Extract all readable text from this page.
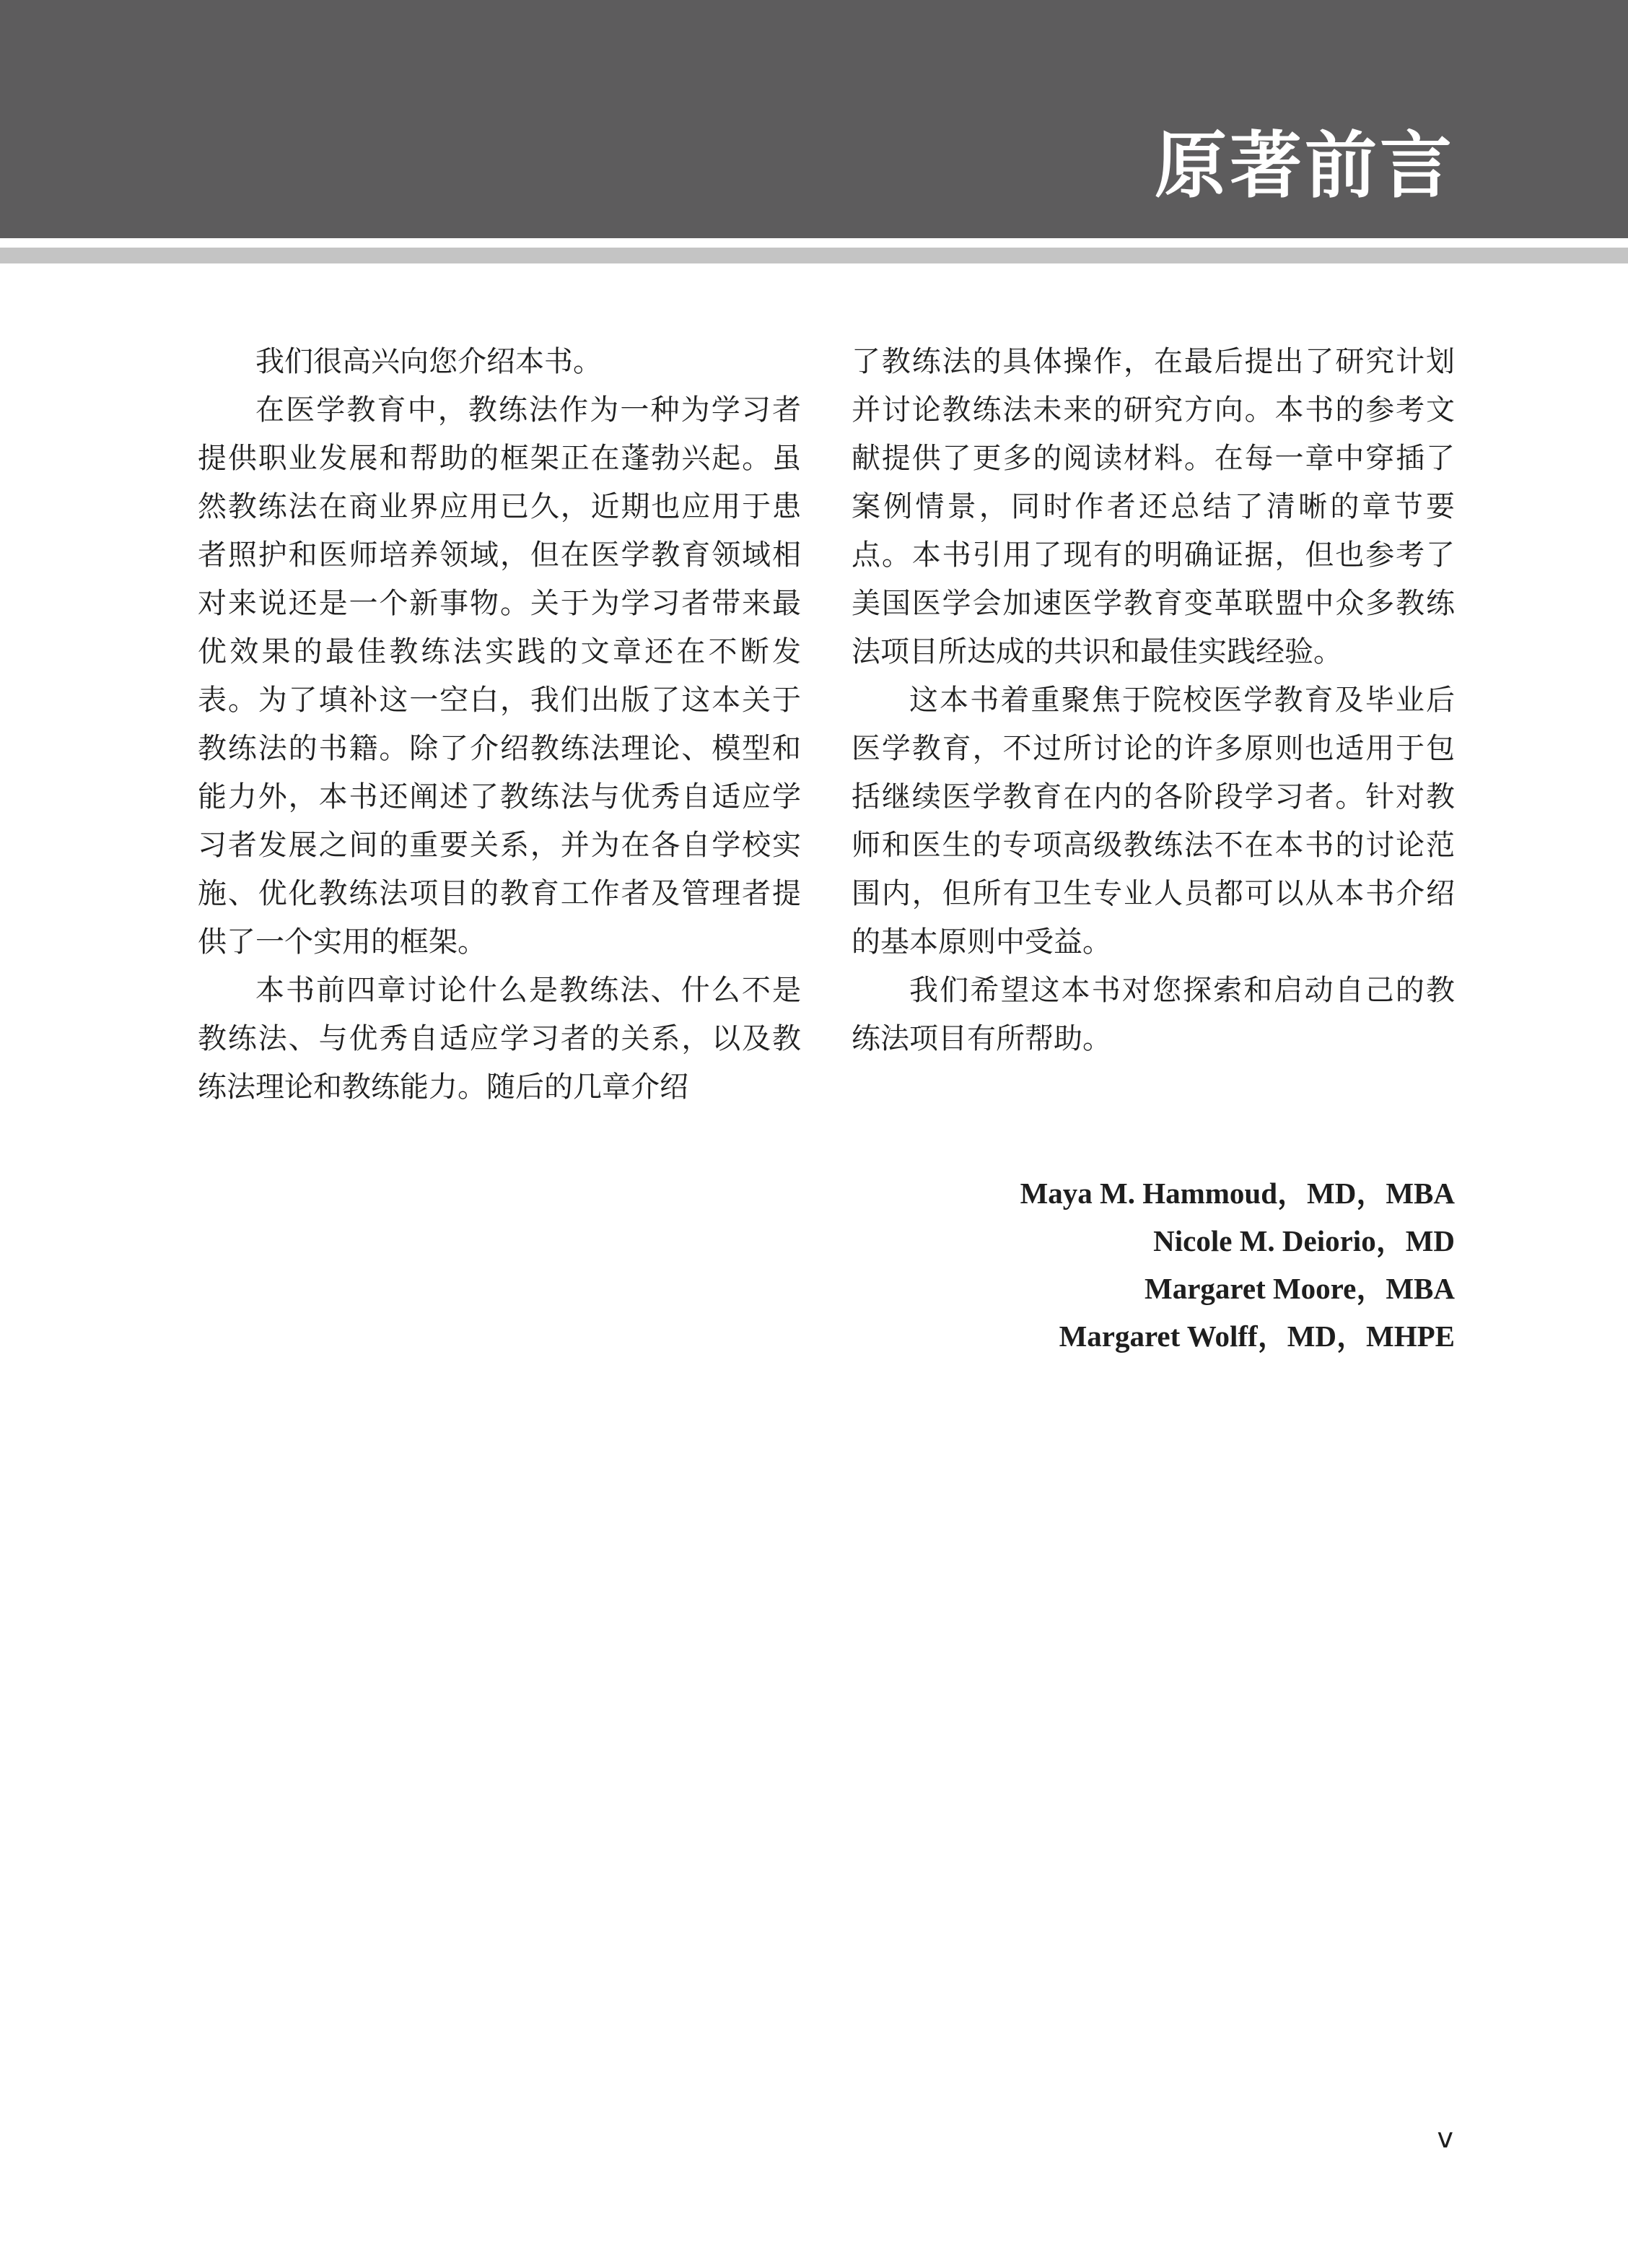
原著前言

我们很高兴向您介绍本书。

在医学教育中，教练法作为一种为学习者提供职业发展和帮助的框架正在蓬勃兴起。虽然教练法在商业界应用已久，近期也应用于患者照护和医师培养领域，但在医学教育领域相对来说还是一个新事物。关于为学习者带来最优效果的最佳教练法实践的文章还在不断发表。为了填补这一空白，我们出版了这本关于教练法的书籍。除了介绍教练法理论、模型和能力外，本书还阐述了教练法与优秀自适应学习者发展之间的重要关系，并为在各自学校实施、优化教练法项目的教育工作者及管理者提供了一个实用的框架。

本书前四章讨论什么是教练法、什么不是教练法、与优秀自适应学习者的关系，以及教练法理论和教练能力。随后的几章介绍

了教练法的具体操作，在最后提出了研究计划并讨论教练法未来的研究方向。本书的参考文献提供了更多的阅读材料。在每一章中穿插了案例情景，同时作者还总结了清晰的章节要点。本书引用了现有的明确证据，但也参考了美国医学会加速医学教育变革联盟中众多教练法项目所达成的共识和最佳实践经验。

这本书着重聚焦于院校医学教育及毕业后医学教育，不过所讨论的许多原则也适用于包括继续医学教育在内的各阶段学习者。针对教师和医生的专项高级教练法不在本书的讨论范围内，但所有卫生专业人员都可以从本书介绍的基本原则中受益。

我们希望这本书对您探索和启动自己的教练法项目有所帮助。

Maya M. Hammoud，MD，MBA
Nicole M. Deiorio，MD
Margaret Moore，MBA
Margaret Wolff，MD，MHPE
v
